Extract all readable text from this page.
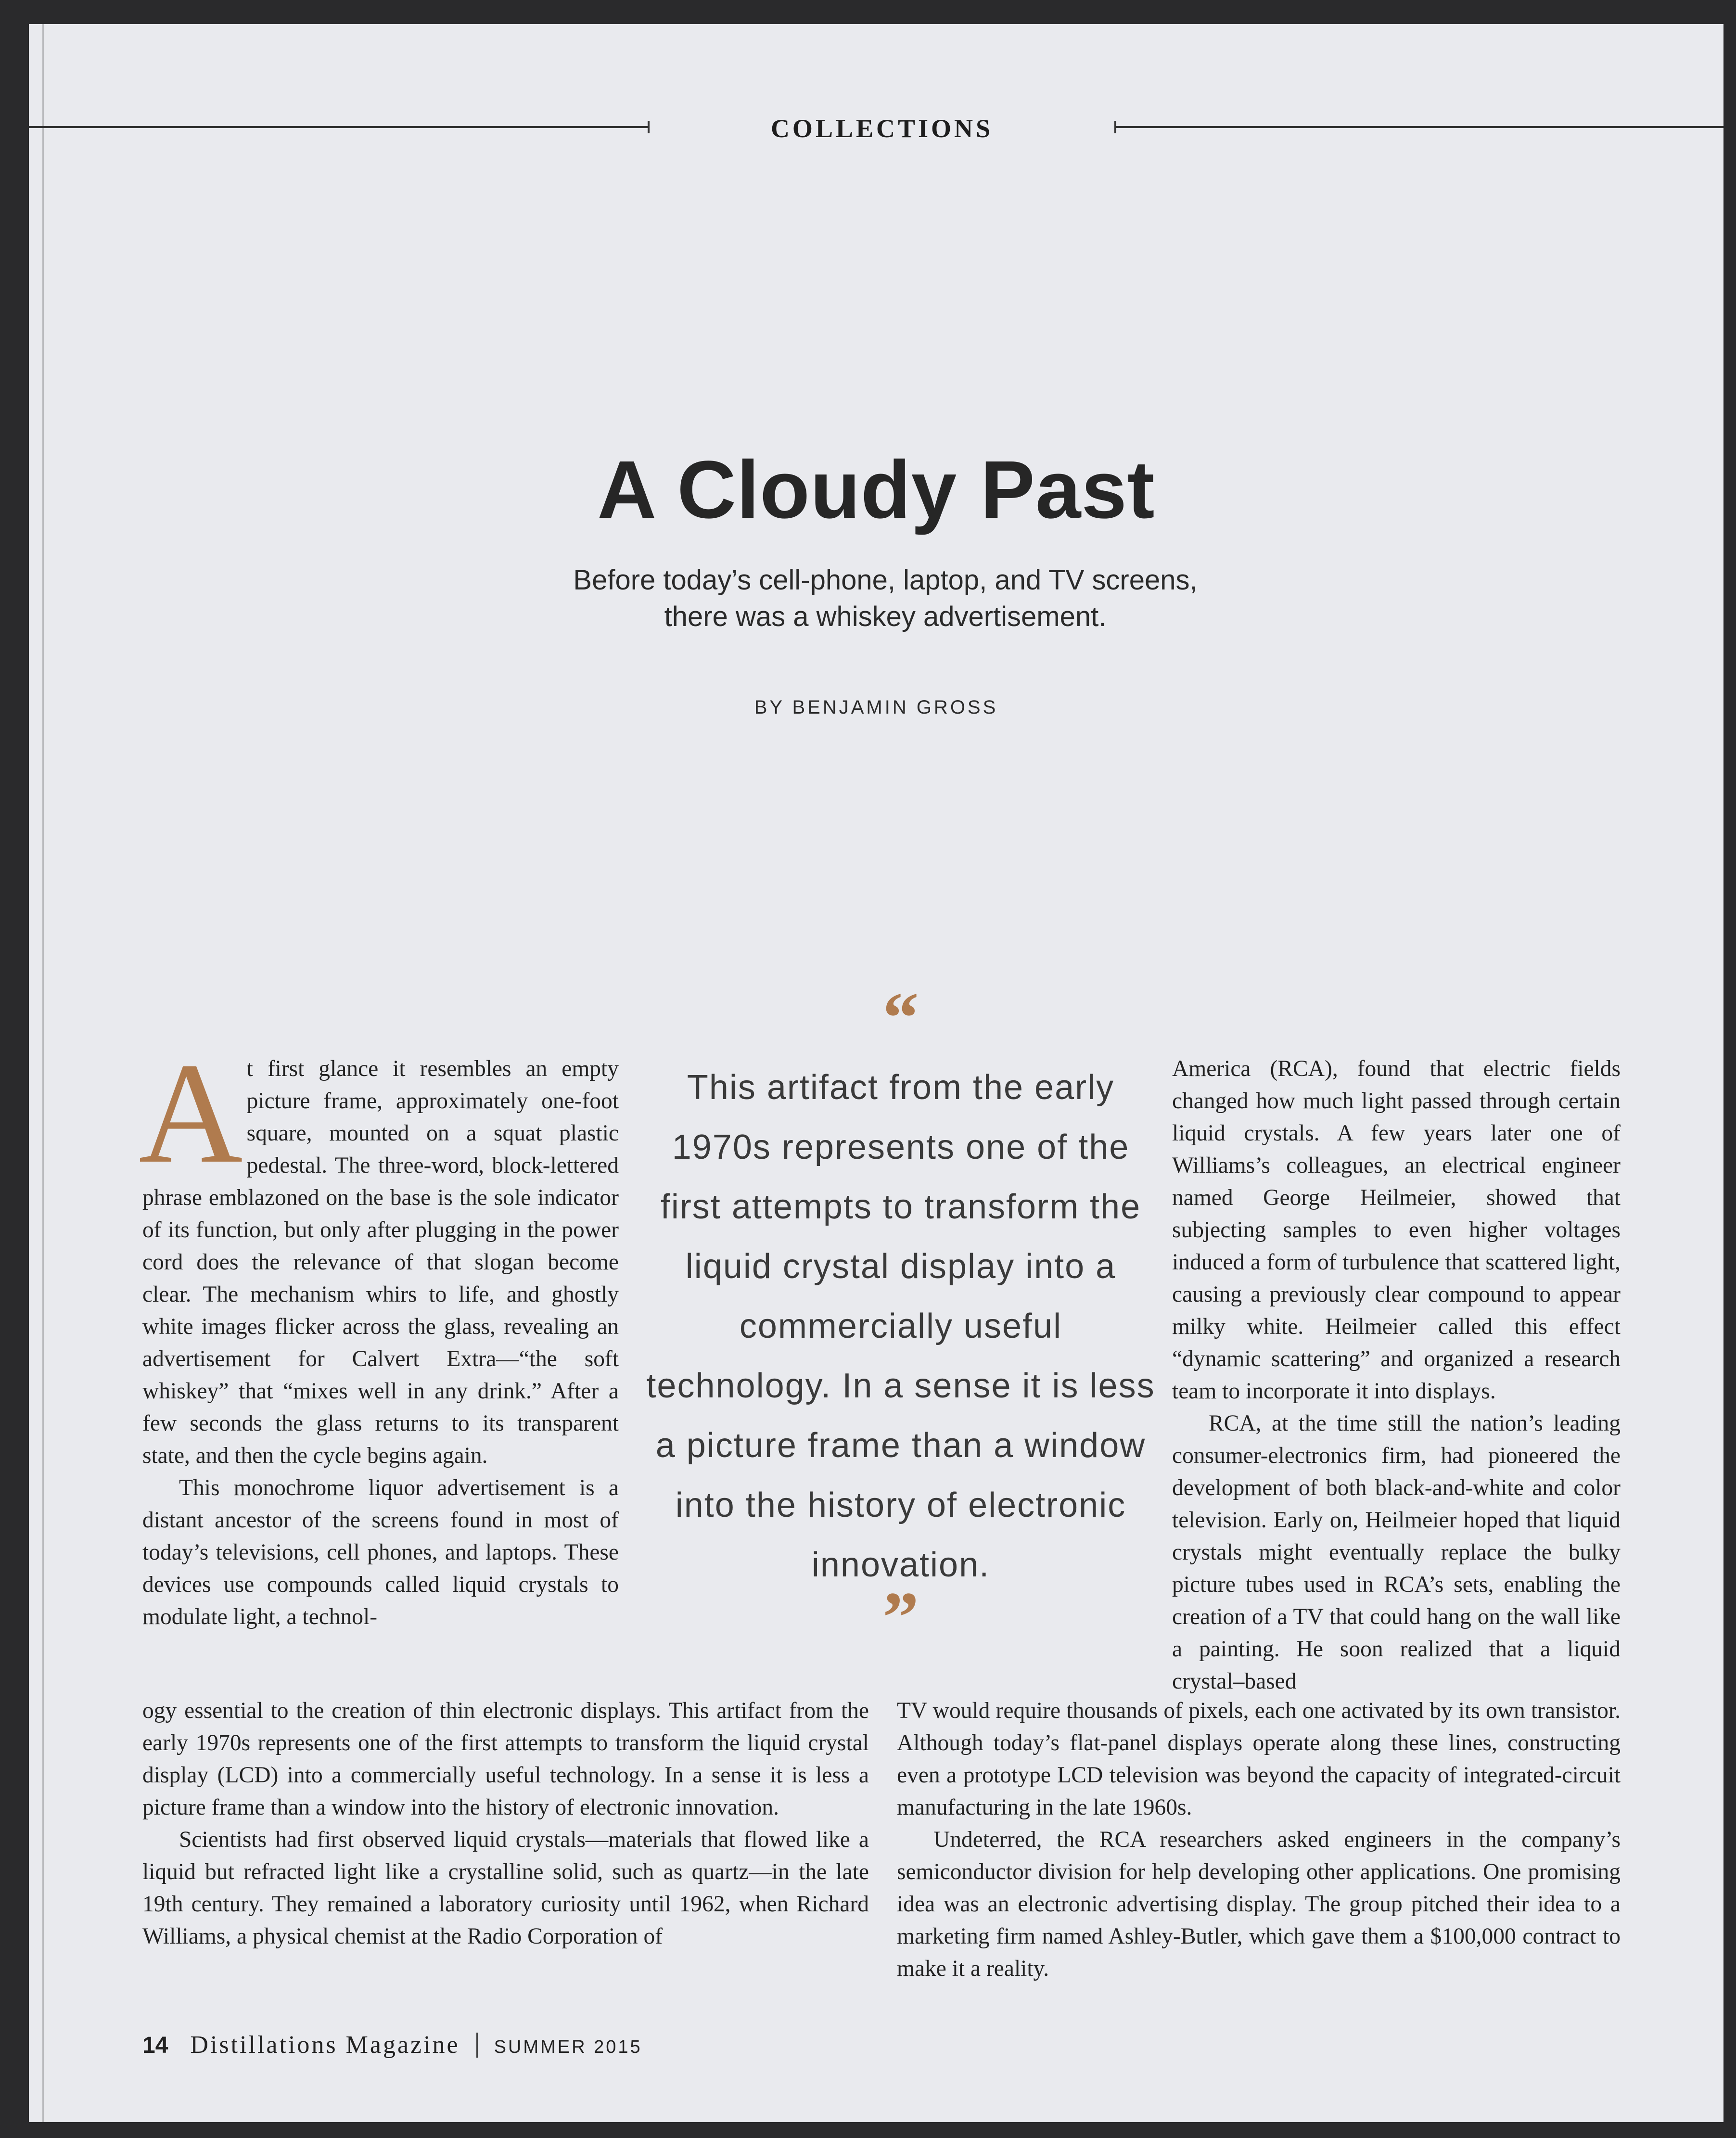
COLLECTIONS
A Cloudy Past
Before today’s cell-phone, laptop, and TV screens,
there was a whiskey advertisement.
BY BENJAMIN GROSS

At first glance it resembles an empty picture frame, approximately one-foot square, mounted on a squat plastic pedestal. The three-word, block-lettered phrase emblazoned on the base is the sole indicator of its function, but only after plugging in the power cord does the relevance of that slogan become clear. The mechanism whirs to life, and ghostly white images flicker across the glass, revealing an advertisement for Calvert Extra—“the soft whiskey” that “mixes well in any drink.” After a few seconds the glass returns to its transparent state, and then the cycle begins again.

This monochrome liquor advertisement is a distant ancestor of the screens found in most of today’s televisions, cell phones, and laptops. These devices use compounds called liquid crystals to modulate light, a technol-

ogy essential to the creation of thin electronic displays. This artifact from the early 1970s represents one of the first attempts to transform the liquid crystal display (LCD) into a commercially useful technology. In a sense it is less a picture frame than a window into the history of electronic innovation.

Scientists had first observed liquid crystals—materials that flowed like a liquid but refracted light like a crystalline solid, such as quartz—in the late 19th century. They remained a laboratory curiosity until 1962, when Richard Williams, a physical chemist at the Radio Corporation of

“
This artifact from the early 1970s represents one of the first attempts to transform the liquid crystal display into a commercially useful technology. In a sense it is less a picture frame than a window into the history of electronic innovation.
”

America (RCA), found that electric fields changed how much light passed through certain liquid crystals. A few years later one of Williams’s colleagues, an electrical engineer named George Heilmeier, showed that subjecting samples to even higher voltages induced a form of turbulence that scattered light, causing a previously clear compound to appear milky white. Heilmeier called this effect “dynamic scattering” and organized a research team to incorporate it into displays.

RCA, at the time still the nation’s leading consumer-electronics firm, had pioneered the development of both black-and-white and color television. Early on, Heilmeier hoped that liquid crystals might eventually replace the bulky picture tubes used in RCA’s sets, enabling the creation of a TV that could hang on the wall like a painting. He soon realized that a liquid crystal–based

TV would require thousands of pixels, each one activated by its own transistor. Although today’s flat-panel displays operate along these lines, constructing even a prototype LCD television was beyond the capacity of integrated-circuit manufacturing in the late 1960s.

Undeterred, the RCA researchers asked engineers in the company’s semiconductor division for help developing other applications. One promising idea was an electronic advertising display. The group pitched their idea to a marketing firm named Ashley-Butler, which gave them a $100,000 contract to make it a reality.

14 Distillations Magazine SUMMER 2015
